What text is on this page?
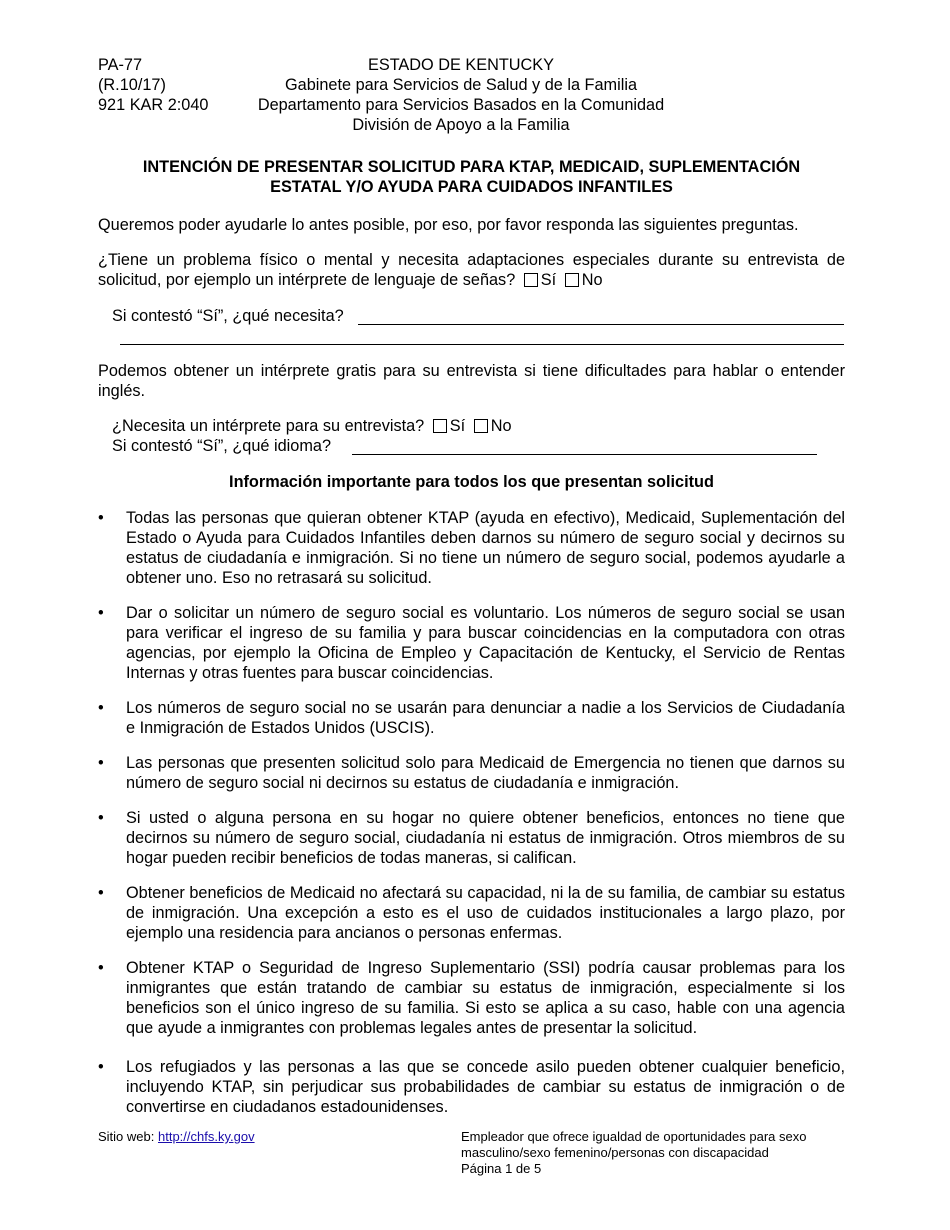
PA-77
(R.10/17)
921 KAR 2:040
ESTADO DE KENTUCKY
Gabinete para Servicios de Salud y de la Familia
Departamento para Servicios Basados en la Comunidad
División de Apoyo a la Familia
INTENCIÓN DE PRESENTAR SOLICITUD PARA KTAP, MEDICAID, SUPLEMENTACIÓN
ESTATAL Y/O AYUDA PARA CUIDADOS INFANTILES
Queremos poder ayudarle lo antes posible, por eso, por favor responda las siguientes preguntas.
¿Tiene un problema físico o mental y necesita adaptaciones especiales durante su entrevista de solicitud, por ejemplo un intérprete de lenguaje de señas? Sí No
Si contestó “Sí”, ¿qué necesita?
Podemos obtener un intérprete gratis para su entrevista si tiene dificultades para hablar o entender inglés.
¿Necesita un intérprete para su entrevista? Sí No
Si contestó “Sí”, ¿qué idioma?
Información importante para todos los que presentan solicitud
• Todas las personas que quieran obtener KTAP (ayuda en efectivo), Medicaid, Suplementación del Estado o Ayuda para Cuidados Infantiles deben darnos su número de seguro social y decirnos su estatus de ciudadanía e inmigración. Si no tiene un número de seguro social, podemos ayudarle a obtener uno. Eso no retrasará su solicitud.
• Dar o solicitar un número de seguro social es voluntario. Los números de seguro social se usan para verificar el ingreso de su familia y para buscar coincidencias en la computadora con otras agencias, por ejemplo la Oficina de Empleo y Capacitación de Kentucky, el Servicio de Rentas Internas y otras fuentes para buscar coincidencias.
• Los números de seguro social no se usarán para denunciar a nadie a los Servicios de Ciudadanía e Inmigración de Estados Unidos (USCIS).
• Las personas que presenten solicitud solo para Medicaid de Emergencia no tienen que darnos su número de seguro social ni decirnos su estatus de ciudadanía e inmigración.
• Si usted o alguna persona en su hogar no quiere obtener beneficios, entonces no tiene que decirnos su número de seguro social, ciudadanía ni estatus de inmigración. Otros miembros de su hogar pueden recibir beneficios de todas maneras, si califican.
• Obtener beneficios de Medicaid no afectará su capacidad, ni la de su familia, de cambiar su estatus de inmigración. Una excepción a esto es el uso de cuidados institucionales a largo plazo, por ejemplo una residencia para ancianos o personas enfermas.
• Obtener KTAP o Seguridad de Ingreso Suplementario (SSI) podría causar problemas para los inmigrantes que están tratando de cambiar su estatus de inmigración, especialmente si los beneficios son el único ingreso de su familia. Si esto se aplica a su caso, hable con una agencia que ayude a inmigrantes con problemas legales antes de presentar la solicitud.
• Los refugiados y las personas a las que se concede asilo pueden obtener cualquier beneficio, incluyendo KTAP, sin perjudicar sus probabilidades de cambiar su estatus de inmigración o de convertirse en ciudadanos estadounidenses.
Sitio web: http://chfs.ky.gov	Empleador que ofrece igualdad de oportunidades para sexo
masculino/sexo femenino/personas con discapacidad
Página 1 de 5
